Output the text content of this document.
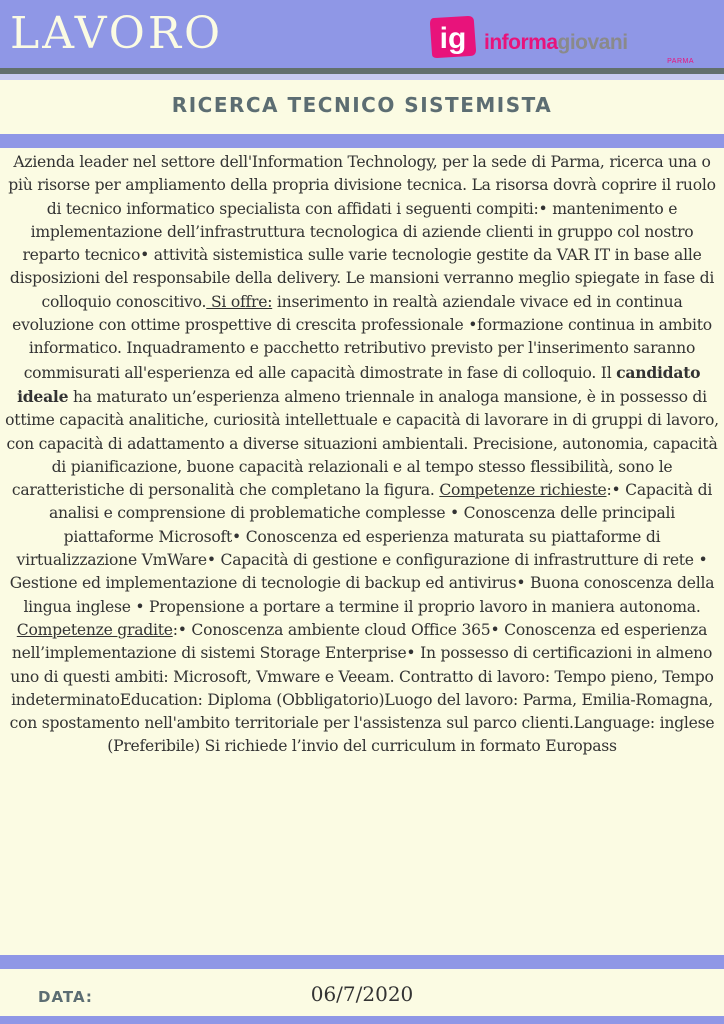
LAVORO	ig informagiovani
PARMA
RICERCA TECNICO SISTEMISTA
Azienda leader nel settore dell'Information Technology, per la sede di Parma, ricerca una o più risorse per ampliamento della propria divisione tecnica. La risorsa dovrà coprire il ruolo di tecnico informatico specialista con affidati i seguenti compiti:• mantenimento e implementazione dell’infrastruttura tecnologica di aziende clienti in gruppo col nostro reparto tecnico• attività sistemistica sulle varie tecnologie gestite da VAR IT in base alle disposizioni del responsabile della delivery. Le mansioni verranno meglio spiegate in fase di colloquio conoscitivo. Si offre: inserimento in realtà aziendale vivace ed in continua evoluzione con ottime prospettive di crescita professionale •formazione continua in ambito informatico. Inquadramento e pacchetto retributivo previsto per l'inserimento saranno commisurati all'esperienza ed alle capacità dimostrate in fase di colloquio. Il candidato ideale ha maturato un’esperienza almeno triennale in analoga mansione, è in possesso di ottime capacità analitiche, curiosità intellettuale e capacità di lavorare in di gruppi di lavoro, con capacità di adattamento a diverse situazioni ambientali. Precisione, autonomia, capacità di pianificazione, buone capacità relazionali e al tempo stesso flessibilità, sono le caratteristiche di personalità che completano la figura. Competenze richieste:• Capacità di analisi e comprensione di problematiche complesse • Conoscenza delle principali piattaforme Microsoft• Conoscenza ed esperienza maturata su piattaforme di virtualizzazione VmWare• Capacità di gestione e configurazione di infrastrutture di rete • Gestione ed implementazione di tecnologie di backup ed antivirus• Buona conoscenza della lingua inglese • Propensione a portare a termine il proprio lavoro in maniera autonoma. Competenze gradite:• Conoscenza ambiente cloud Office 365• Conoscenza ed esperienza nell’implementazione di sistemi Storage Enterprise• In possesso di certificazioni in almeno uno di questi ambiti: Microsoft, Vmware e Veeam. Contratto di lavoro: Tempo pieno, Tempo indeterminatoEducation: Diploma (Obbligatorio)Luogo del lavoro: Parma, Emilia-Romagna, con spostamento nell'ambito territoriale per l'assistenza sul parco clienti.Language: inglese (Preferibile) Si richiede l’invio del curriculum in formato Europass
DATA:	06/7/2020
